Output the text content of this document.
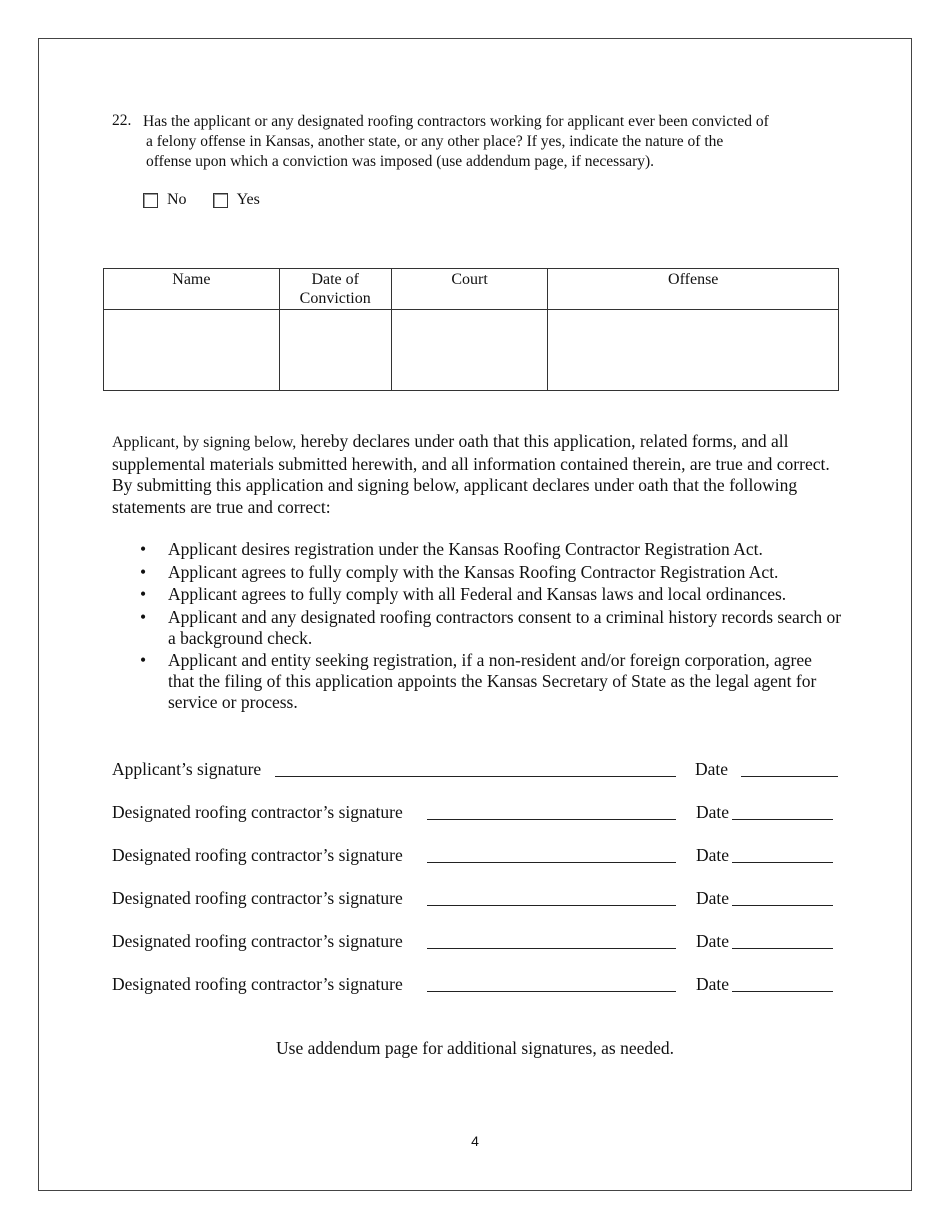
22. Has the applicant or any designated roofing contractors working for applicant ever been convicted of
a felony offense in Kansas, another state, or any other place? If yes, indicate the nature of the
offense upon which a conviction was imposed (use addendum page, if necessary).
No	Yes
Name	Date of Conviction	Court	Offense

Applicant, by signing below, hereby declares under oath that this application, related forms, and all supplemental materials submitted herewith, and all information contained therein, are true and correct. By submitting this application and signing below, applicant declares under oath that the following statements are true and correct:
• Applicant desires registration under the Kansas Roofing Contractor Registration Act.
• Applicant agrees to fully comply with the Kansas Roofing Contractor Registration Act.
• Applicant agrees to fully comply with all Federal and Kansas laws and local ordinances.
• Applicant and any designated roofing contractors consent to a criminal history records search or a background check.
• Applicant and entity seeking registration, if a non-resident and/or foreign corporation, agree that the filing of this application appoints the Kansas Secretary of State as the legal agent for service or process.
Applicant’s signature	Date
Designated roofing contractor’s signature	Date
Designated roofing contractor’s signature	Date
Designated roofing contractor’s signature	Date
Designated roofing contractor’s signature	Date
Designated roofing contractor’s signature	Date
Use addendum page for additional signatures, as needed.
4
